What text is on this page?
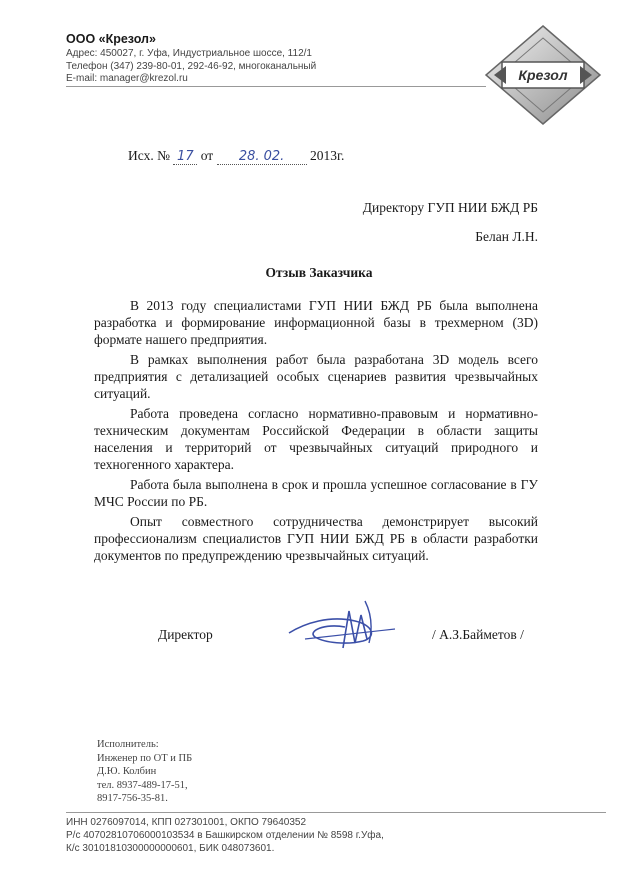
ООО «Крезол»
Адрес: 450027, г. Уфа, Индустриальное шоссе, 112/1
Телефон (347) 239-80-01, 292-46-92, многоканальный
E-mail: manager@krezol.ru	Крезол
Исх. № 17 от 28. 02. 2013г.
Директору ГУП НИИ БЖД РБ
Белан Л.Н.
Отзыв Заказчика

В 2013 году специалистами ГУП НИИ БЖД РБ была выполнена разработка и формирование информационной базы в трехмерном (3D) формате нашего предприятия.

В рамках выполнения работ была разработана 3D модель всего предприятия с детализацией особых сценариев развития чрезвычайных ситуаций.

Работа проведена согласно нормативно-правовым и нормативно-техническим документам Российской Федерации в области защиты населения и территорий от чрезвычайных ситуаций природного и техногенного характера.

Работа была выполнена в срок и прошла успешное согласование в ГУ МЧС России по РБ.

Опыт совместного сотрудничества демонстрирует высокий профессионализм специалистов ГУП НИИ БЖД РБ в области разработки документов по предупреждению чрезвычайных ситуаций.

Директор	/ А.З.Байметов /
Исполнитель:
Инженер по ОТ и ПБ
Д.Ю. Колбин
тел. 8937-489-17-51,
8917-756-35-81.
ИНН 0276097014, КПП 027301001, ОКПО 79640352
Р/с 40702810706000103534 в Башкирском отделении № 8598 г.Уфа,
К/с 30101810300000000601, БИК 048073601.
